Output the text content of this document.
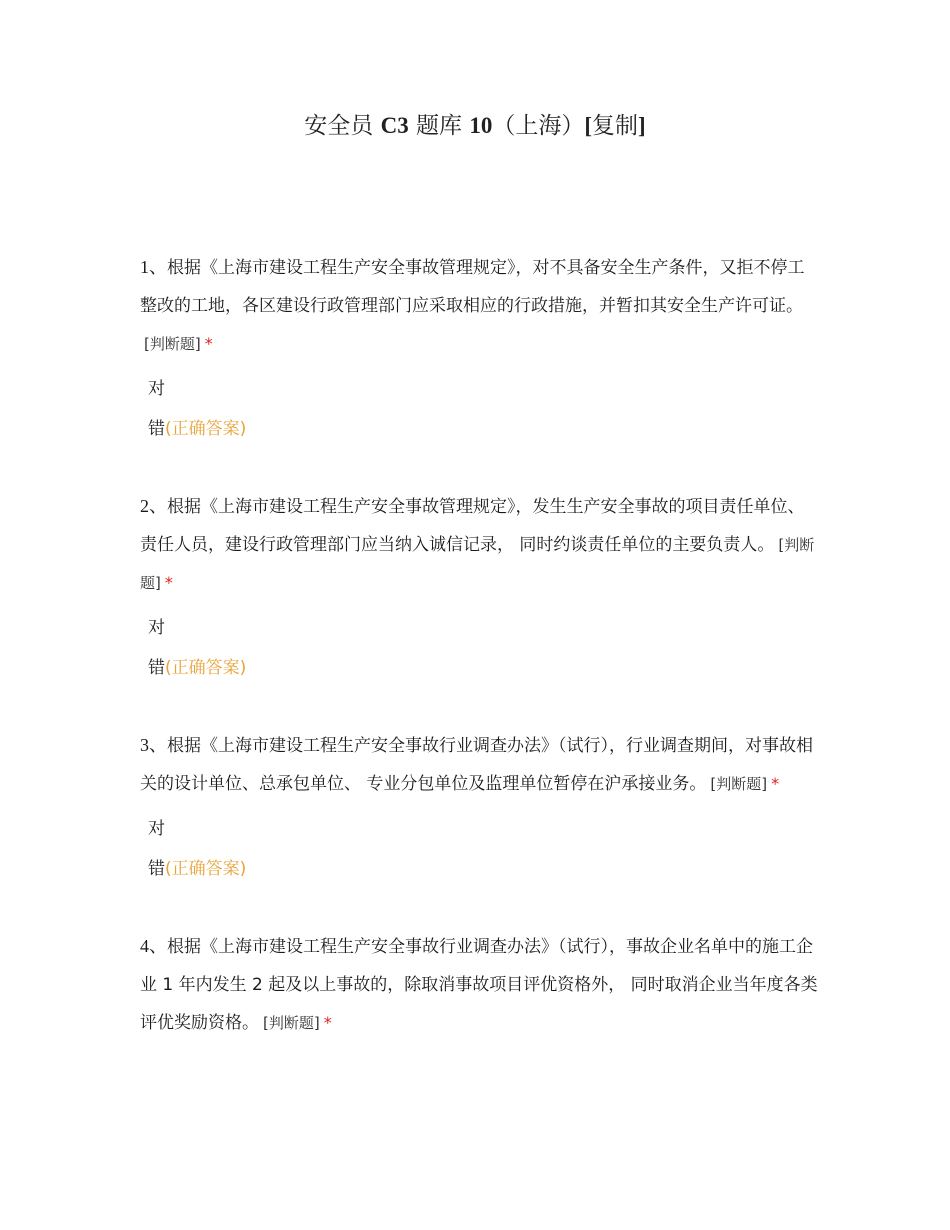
安全员 C3 题库 10（上海）[复制]

1、根据《上海市建设工程生产安全事故管理规定》，对不具备安全生产条件，又拒不停工整改的工地，各区建设行政管理部门应采取相应的行政措施，并暂扣其安全生产许可证。[判断题] *

对
错(正确答案)

2、根据《上海市建设工程生产安全事故管理规定》，发生生产安全事故的项目责任单位、责任人员，建设行政管理部门应当纳入诚信记录， 同时约谈责任单位的主要负责人。 [判断题] *

对
错(正确答案)

3、根据《上海市建设工程生产安全事故行业调查办法》（试行），行业调查期间，对事故相关的设计单位、总承包单位、 专业分包单位及监理单位暂停在沪承接业务。 [判断题] *

对
错(正确答案)

4、根据《上海市建设工程生产安全事故行业调查办法》（试行），事故企业名单中的施工企业 1 年内发生 2 起及以上事故的，除取消事故项目评优资格外， 同时取消企业当年度各类评优奖励资格。 [判断题] *
